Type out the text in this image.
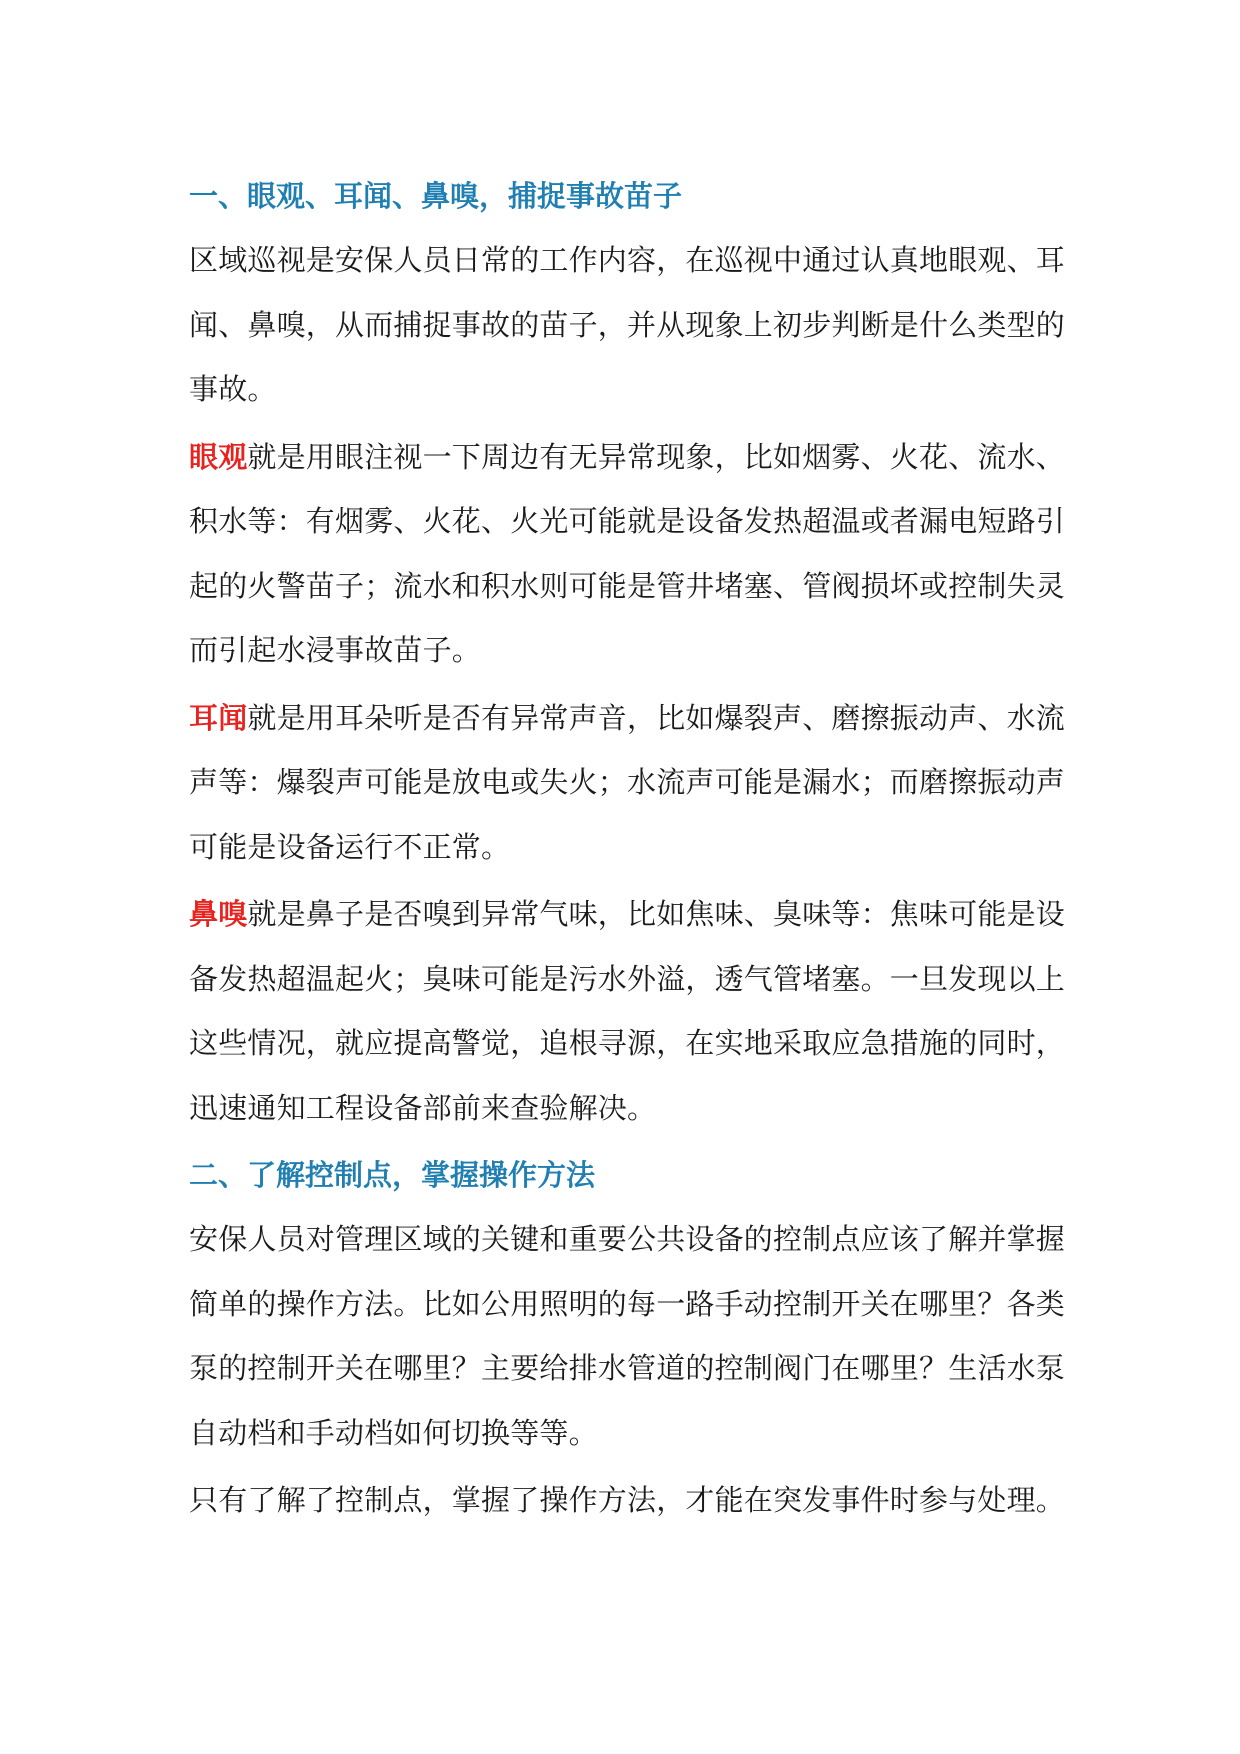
一、眼观、耳闻、鼻嗅，捕捉事故苗子

区域巡视是安保人员日常的工作内容，在巡视中通过认真地眼观、耳闻、鼻嗅，从而捕捉事故的苗子，并从现象上初步判断是什么类型的事故。

眼观就是用眼注视一下周边有无异常现象，比如烟雾、火花、流水、积水等：有烟雾、火花、火光可能就是设备发热超温或者漏电短路引起的火警苗子；流水和积水则可能是管井堵塞、管阀损坏或控制失灵而引起水浸事故苗子。

耳闻就是用耳朵听是否有异常声音，比如爆裂声、磨擦振动声、水流声等：爆裂声可能是放电或失火；水流声可能是漏水；而磨擦振动声可能是设备运行不正常。

鼻嗅就是鼻子是否嗅到异常气味，比如焦味、臭味等：焦味可能是设备发热超温起火；臭味可能是污水外溢，透气管堵塞。一旦发现以上这些情况，就应提高警觉，追根寻源，在实地采取应急措施的同时，迅速通知工程设备部前来查验解决。

二、了解控制点，掌握操作方法

安保人员对管理区域的关键和重要公共设备的控制点应该了解并掌握简单的操作方法。比如公用照明的每一路手动控制开关在哪里？各类泵的控制开关在哪里？主要给排水管道的控制阀门在哪里？生活水泵自动档和手动档如何切换等等。

只有了解了控制点，掌握了操作方法，才能在突发事件时参与处理。
